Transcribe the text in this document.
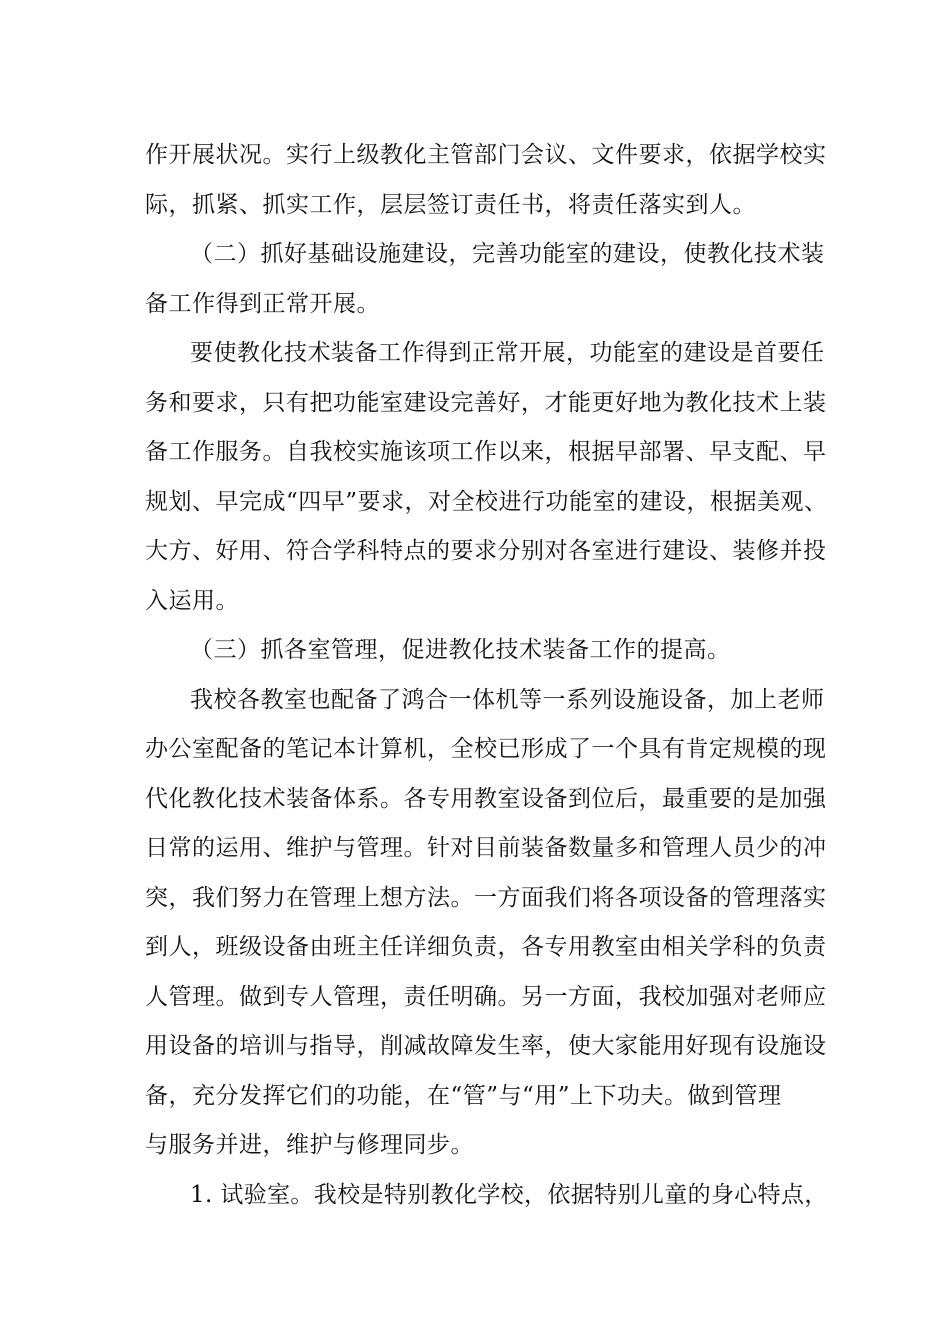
作开展状况。实行上级教化主管部门会议、文件要求，依据学校实
际，抓紧、抓实工作，层层签订责任书，将责任落实到人。
（二）抓好基础设施建设，完善功能室的建设，使教化技术装
备工作得到正常开展。
要使教化技术装备工作得到正常开展，功能室的建设是首要任
务和要求，只有把功能室建设完善好，才能更好地为教化技术上装
备工作服务。自我校实施该项工作以来，根据早部署、早支配、早
规划、早完成“四早”要求，对全校进行功能室的建设，根据美观、
大方、好用、符合学科特点的要求分别对各室进行建设、装修并投
入运用。
（三）抓各室管理，促进教化技术装备工作的提高。
我校各教室也配备了鸿合一体机等一系列设施设备，加上老师
办公室配备的笔记本计算机，全校已形成了一个具有肯定规模的现
代化教化技术装备体系。各专用教室设备到位后，最重要的是加强
日常的运用、维护与管理。针对目前装备数量多和管理人员少的冲
突，我们努力在管理上想方法。一方面我们将各项设备的管理落实
到人，班级设备由班主任详细负责，各专用教室由相关学科的负责
人管理。做到专人管理，责任明确。另一方面，我校加强对老师应
用设备的培训与指导，削减故障发生率，使大家能用好现有设施设
备，充分发挥它们的功能，在“管”与“用”上下功夫。做到管理
与服务并进，维护与修理同步。
1. 试验室。我校是特别教化学校，依据特别儿童的身心特点，
